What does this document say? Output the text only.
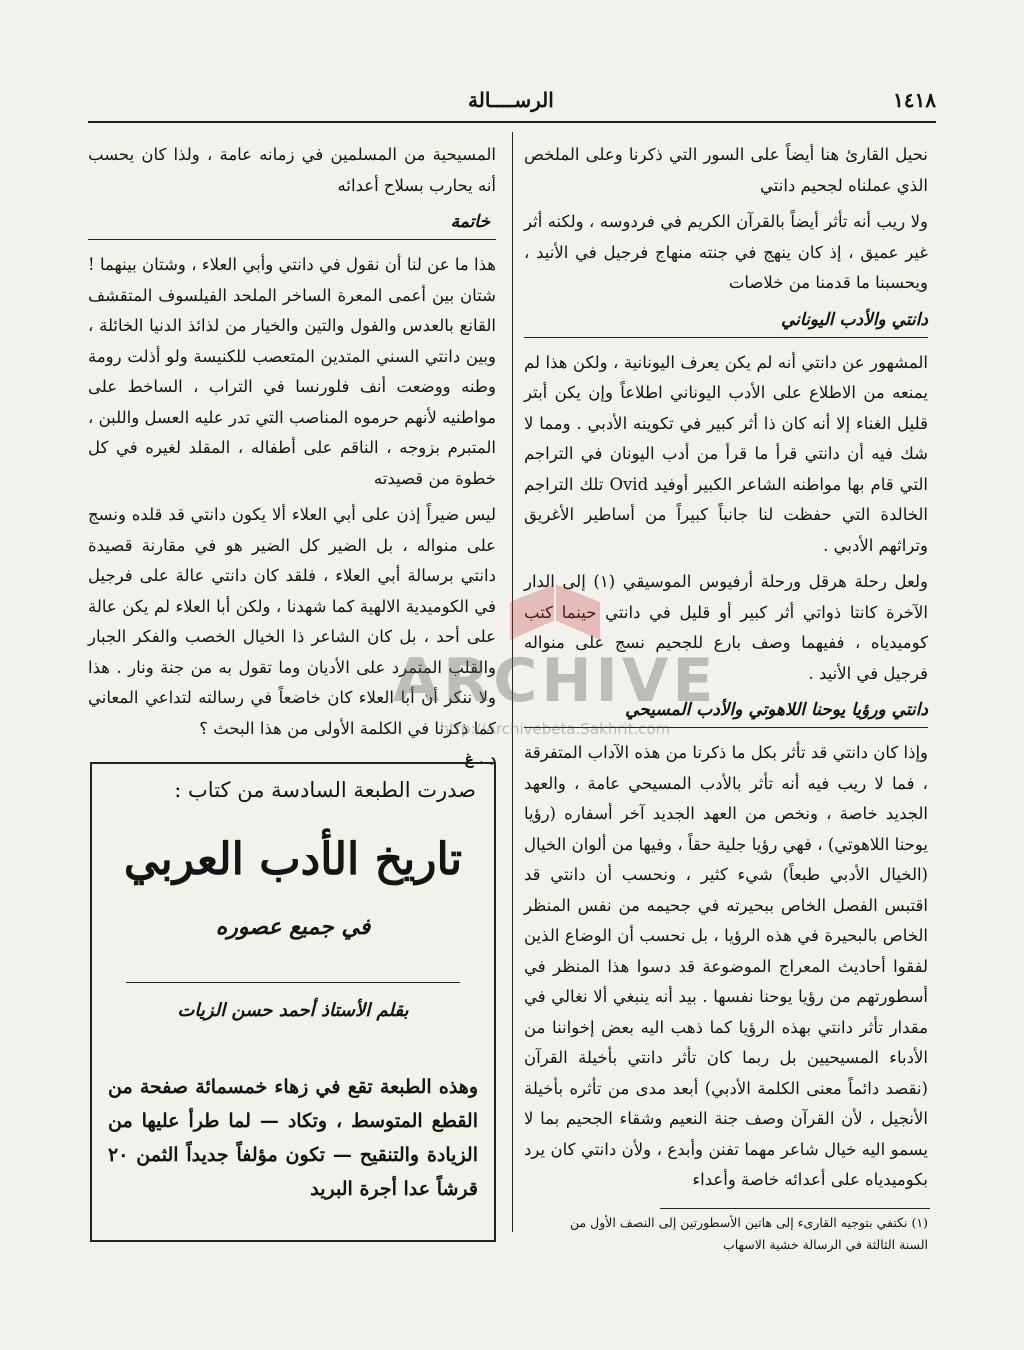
١٤١٨
الرســــالة

نحيل القارئ هنا أيضاً على السور التي ذكرنا وعلى الملخص الذي عملناه لجحيم دانتي

ولا ريب أنه تأثر أيضاً بالقرآن الكريم في فردوسه ، ولكنه أثر غير عميق ، إذ كان ينهج في جنته منهاج فرجيل في الأنيد ، ويحسبنا ما قدمنا من خلاصات

دانتي والأدب اليوناني

المشهور عن دانتي أنه لم يكن يعرف اليونانية ، ولكن هذا لم يمنعه من الاطلاع على الأدب اليوناني اطلاعاً وإن يكن أبتر قليل الغناء إلا أنه كان ذا أثر كبير في تكوينه الأدبي . ومما لا شك فيه أن دانتي قرأ ما قرأ من أدب اليونان في التراجم التي قام بها مواطنه الشاعر الكبير أوفيد Ovid تلك التراجم الخالدة التي حفظت لنا جانباً كبيراً من أساطير الأغريق وتراثهم الأدبي .

ولعل رحلة هرقل ورحلة أرفيوس الموسيقي (١) إلى الدار الآخرة كانتا ذواتي أثر كبير أو قليل في دانتي حينما كتب كوميدياه ، ففيهما وصف بارع للجحيم نسج على منواله فرجيل في الأنيد .

دانتي ورؤيا يوحنا اللاهوتي والأدب المسيحي

وإذا كان دانتي قد تأثر بكل ما ذكرنا من هذه الآداب المتفرقة ، فما لا ريب فيه أنه تأثر بالأدب المسيحي عامة ، والعهد الجديد خاصة ، ونخص من العهد الجديد آخر أسفاره (رؤيا يوحنا اللاهوتي) ، فهي رؤيا جلية حقاً ، وفيها من ألوان الخيال (الخيال الأدبي طبعاً) شيء كثير ، ونحسب أن دانتي قد اقتبس الفصل الخاص ببحيرته في جحيمه من نفس المنظر الخاص بالبحيرة في هذه الرؤيا ، بل نحسب أن الوضاع الذين لفقوا أحاديث المعراج الموضوعة قد دسوا هذا المنظر في أسطورتهم من رؤيا يوحنا نفسها . بيد أنه ينبغي ألا نغالي في مقدار تأثر دانتي بهذه الرؤيا كما ذهب اليه بعض إخواننا من الأدباء المسيحيين بل ربما كان تأثر دانتي بأخيلة القرآن (نقصد دائماً معنى الكلمة الأدبي) أبعد مدى من تأثره بأخيلة الأنجيل ، لأن القرآن وصف جنة النعيم وشقاء الجحيم بما لا يسمو اليه خيال شاعر مهما تفنن وأبدع ، ولأن دانتي كان يرد بكوميدياه على أعدائه خاصة وأعداء

(١) نكتفي بتوجيه القارىء إلى هاتين الأسطورتين إلى النصف الأول من السنة الثالثة في الرسالة خشية الاسهاب

المسيحية من المسلمين في زمانه عامة ، ولذا كان يحسب أنه يحارب بسلاح أعدائه

خاتمة

هذا ما عن لنا أن نقول في دانتي وأبي العلاء ، وشتان بينهما ! شتان بين أعمى المعرة الساخر الملحد الفيلسوف المتقشف القانع بالعدس والفول والتين والخيار من لذائذ الدنيا الخائلة ، وبين دانتي السني المتدين المتعصب للكنيسة ولو أذلت رومة وطنه ووضعت أنف فلورنسا في التراب ، الساخط على مواطنيه لأنهم حرموه المناصب التي تدر عليه العسل واللبن ، المتبرم بزوجه ، الناقم على أطفاله ، المقلد لغيره في كل خطوة من قصيدته

ليس ضيراً إذن على أبي العلاء ألا يكون دانتي قد قلده ونسج على منواله ، بل الضير كل الضير هو في مقارنة قصيدة دانتي برسالة أبي العلاء ، فلقد كان دانتي عالة على فرجيل في الكوميدية الالهية كما شهدنا ، ولكن أبا العلاء لم يكن عالة على أحد ، بل كان الشاعر ذا الخيال الخصب والفكر الجبار والقلب المتمرد على الأديان وما تقول به من جنة ونار . هذا ولا ننكر أن أبا العلاء كان خاضعاً في رسالته لتداعي المعاني كما ذكرنا في الكلمة الأولى من هذا البحث ؟

د . غ
صدرت الطبعة السادسة من كتاب :
تاريخ الأدب العربي
في جميع عصوره
بقلم الأستاذ أحمد حسن الزيات
وهذه الطبعة تقع في زهاء خمسمائة صفحة من القطع المتوسط ، وتكاد — لما طرأ عليها من الزيادة والتنقيح — تكون مؤلفاً جديداً الثمن ٢٠ قرشاً عدا أجرة البريد
ARCHIVE
http://Archivebeta.Sakhrit.com
